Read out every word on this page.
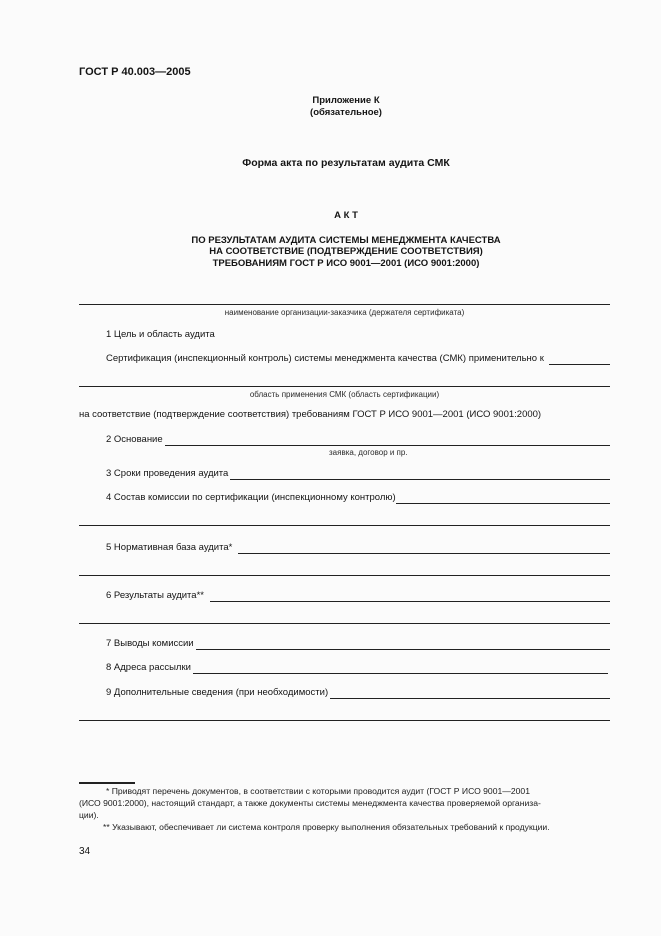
ГОСТ Р 40.003—2005
Приложение К
(обязательное)
Форма акта по результатам аудита СМК
А К Т
ПО РЕЗУЛЬТАТАМ АУДИТА СИСТЕМЫ МЕНЕДЖМЕНТА КАЧЕСТВА
НА СООТВЕТСТВИЕ (ПОДТВЕРЖДЕНИЕ СООТВЕТСТВИЯ)
ТРЕБОВАНИЯМ ГОСТ Р ИСО 9001—2001 (ИСО 9001:2000)
наименование организации-заказчика (держателя сертификата)
1 Цель и область аудита
Сертификация (инспекционный контроль) системы менеджмента качества (СМК) применительно к
область применения СМК (область сертификации)
на соответствие (подтверждение соответствия) требованиям ГОСТ Р ИСО 9001—2001 (ИСО 9001:2000)
2 Основание
заявка, договор и пр.
3 Сроки проведения аудита
4 Состав комиссии по сертификации (инспекционному контролю)
5 Нормативная база аудита*
6 Результаты аудита**
7 Выводы комиссии
8 Адреса рассылки
9 Дополнительные сведения (при необходимости)
* Приводят перечень документов, в соответствии с которыми проводится аудит (ГОСТ Р ИСО 9001—2001
(ИСО 9001:2000), настоящий стандарт, а также документы системы менеджмента качества проверяемой организа-
ции).
** Указывают, обеспечивает ли система контроля проверку выполнения обязательных требований к продукции.
34
